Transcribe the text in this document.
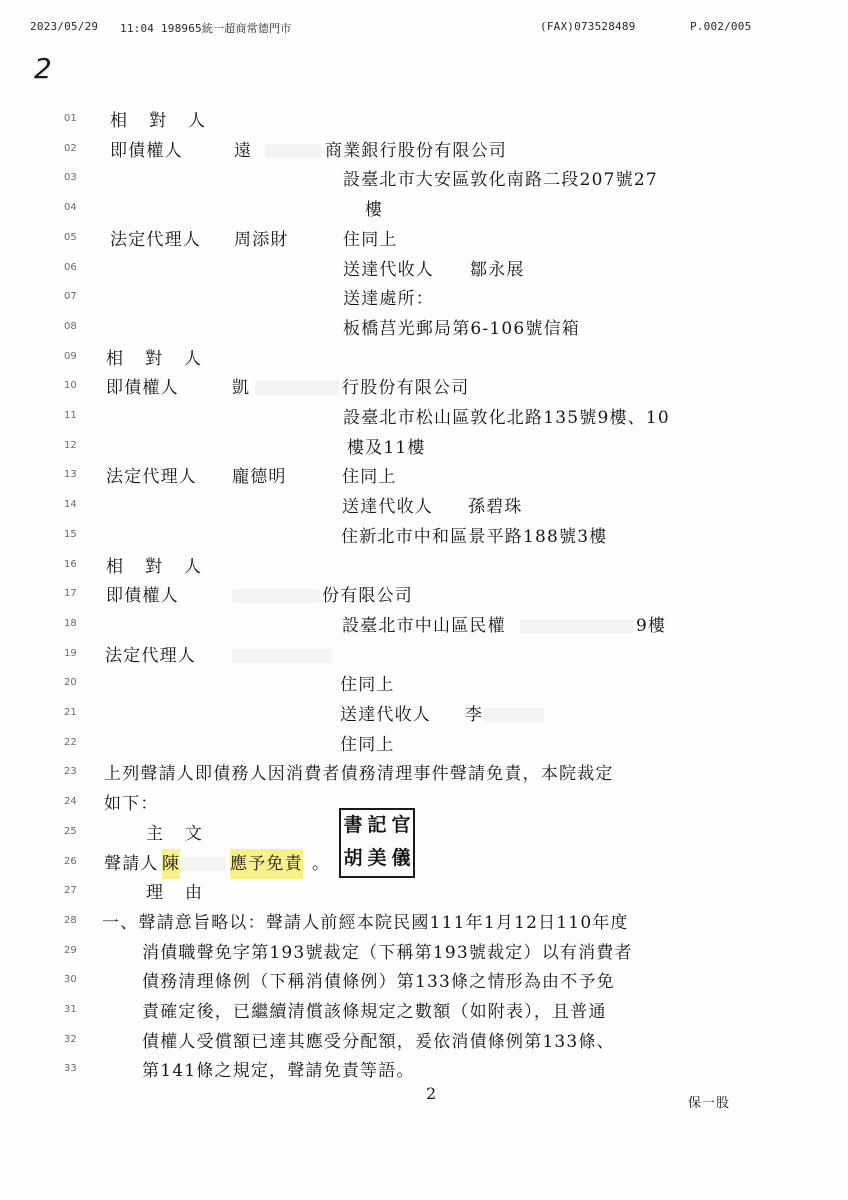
2023/05/29 11:04 198965統一超商常德門市	(FAX)073528489	P.002/005
2
01	相對人
02	即債權人	遠	商業銀行股份有限公司
03	設臺北市大安區敦化南路二段207號27
04	樓
05	法定代理人 周添財	住同上
06	送達代收人 鄒永展
07	送達處所：
08	板橋莒光郵局第6-106號信箱
09	相對人
10	即債權人	凱	行股份有限公司
11	設臺北市松山區敦化北路135號9樓、10
12	樓及11樓
13	法定代理人 龐德明	住同上
14	送達代收人 孫碧珠
15	住新北市中和區景平路188號3樓
16	相對人
17	即債權人	份有限公司
18	設臺北市中山區民權	9樓
19	法定代理人
20	住同上
21	送達代收人 李
22	住同上
23	上列聲請人即債務人因消費者債務清理事件聲請免責，本院裁定
24	如下：
25	主文
26	聲請人 陳	應予免責 。
27	理由
28	一、聲請意旨略以：聲請人前經本院民國111年1月12日110年度
29	消債職聲免字第193號裁定（下稱第193號裁定）以有消費者
30	債務清理條例（下稱消債條例）第133條之情形為由不予免
31	責確定後，已繼續清償該條規定之數額（如附表），且普通
32	債權人受償額已達其應受分配額，爰依消債條例第133條、
33	第141條之規定，聲請免責等語。
書 記 官
胡 美 儀
2
保一股
